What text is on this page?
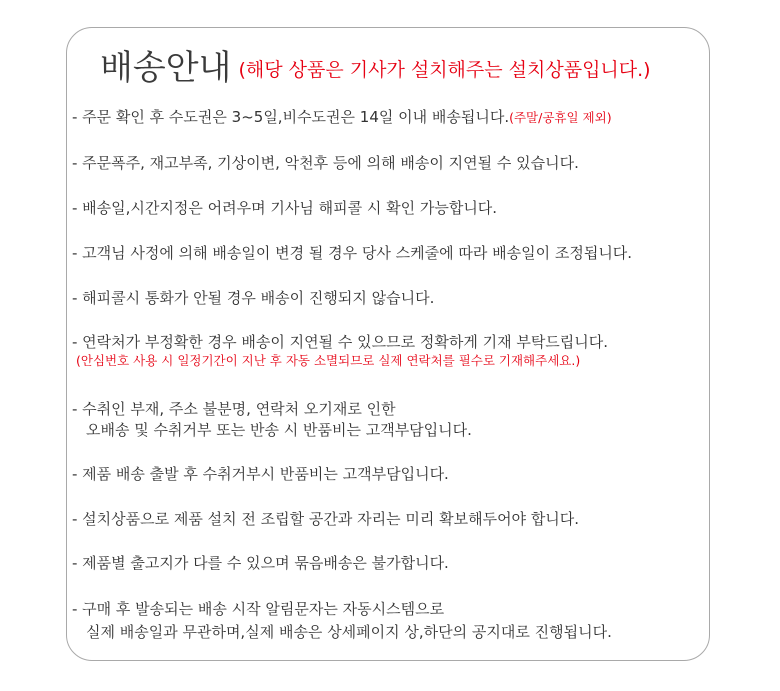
배송안내 (해당 상품은 기사가 설치해주는 설치상품입니다.)
- 주문 확인 후 수도권은 3~5일,비수도권은 14일 이내 배송됩니다.(주말/공휴일 제외)
- 주문폭주, 재고부족, 기상이변, 악천후 등에 의해 배송이 지연될 수 있습니다.
- 배송일,시간지정은 어려우며 기사님 해피콜 시 확인 가능합니다.
- 고객님 사정에 의해 배송일이 변경 될 경우 당사 스케줄에 따라 배송일이 조정됩니다.
- 해피콜시 통화가 안될 경우 배송이 진행되지 않습니다.
- 연락처가 부정확한 경우 배송이 지연될 수 있으므로 정확하게 기재 부탁드립니다.
(안심번호 사용 시 일정기간이 지난 후 자동 소멸되므로 실제 연락처를 필수로 기재해주세요.)
- 수취인 부재, 주소 불분명, 연락처 오기재로 인한
오배송 및 수취거부 또는 반송 시 반품비는 고객부담입니다.
- 제품 배송 출발 후 수취거부시 반품비는 고객부담입니다.
- 설치상품으로 제품 설치 전 조립할 공간과 자리는 미리 확보해두어야 합니다.
- 제품별 출고지가 다를 수 있으며 묶음배송은 불가합니다.
- 구매 후 발송되는 배송 시작 알림문자는 자동시스템으로
실제 배송일과 무관하며,실제 배송은 상세페이지 상,하단의 공지대로 진행됩니다.
